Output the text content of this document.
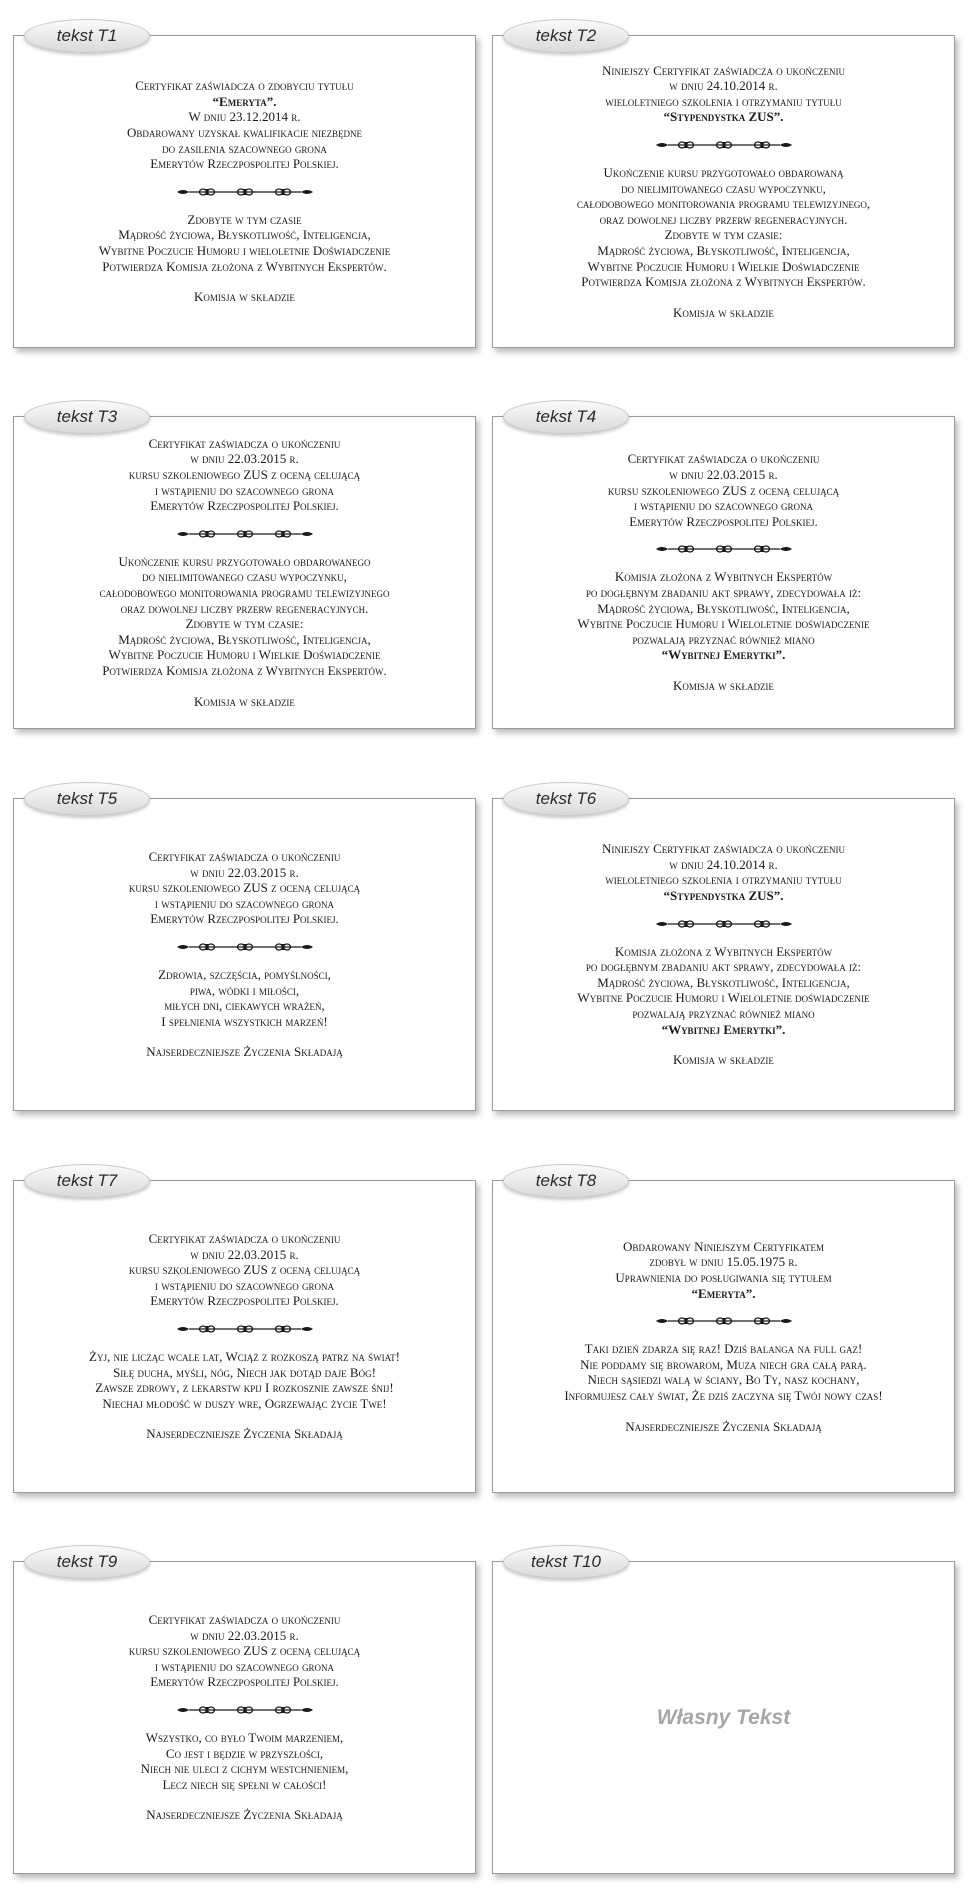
tekst T1
Certyfikat zaświadcza o zdobyciu tytułu
“Emeryta”.
W dniu 23.12.2014 r.
Obdarowany uzyskał kwalifikacje niezbędne
do zasilenia szacownego grona
Emerytów Rzeczpospolitej Polskiej.
Zdobyte w tym czasie
Mądrość życiowa, Błyskotliwość, Inteligencja,
Wybitne Poczucie Humoru i wieloletnie Doświadczenie
Potwierdza Komisja złożona z Wybitnych Ekspertów.
Komisja w składzie
tekst T2
Niniejszy Certyfikat zaświadcza o ukończeniu
w dniu 24.10.2014 r.
wieloletniego szkolenia i otrzymaniu tytułu
“Stypendystka ZUS”.
Ukończenie kursu przygotowało obdarowaną
do nielimitowanego czasu wypoczynku,
całodobowego monitorowania programu telewizyjnego,
oraz dowolnej liczby przerw regeneracyjnych.
Zdobyte w tym czasie:
Mądrość życiowa, Błyskotliwość, Inteligencja,
Wybitne Poczucie Humoru i Wielkie Doświadczenie
Potwierdza Komisja złożona z Wybitnych Ekspertów.
Komisja w składzie
tekst T3
Certyfikat zaświadcza o ukończeniu
w dniu 22.03.2015 r.
kursu szkoleniowego ZUS z oceną celującą
i wstąpieniu do szacownego grona
Emerytów Rzeczpospolitej Polskiej.
Ukończenie kursu przygotowało obdarowanego
do nielimitowanego czasu wypoczynku,
całodobowego monitorowania programu telewizyjnego
oraz dowolnej liczby przerw regeneracyjnych.
Zdobyte w tym czasie:
Mądrość życiowa, Błyskotliwość, Inteligencja,
Wybitne Poczucie Humoru i Wielkie Doświadczenie
Potwierdza Komisja złożona z Wybitnych Ekspertów.
Komisja w składzie
tekst T4
Certyfikat zaświadcza o ukończeniu
w dniu 22.03.2015 r.
kursu szkoleniowego ZUS z oceną celującą
i wstąpieniu do szacownego grona
Emerytów Rzeczpospolitej Polskiej.
Komisja złożona z Wybitnych Ekspertów
po dogłębnym zbadaniu akt sprawy, zdecydowała iż:
Mądrość życiowa, Błyskotliwość, Inteligencja,
Wybitne Poczucie Humoru i Wieloletnie doświadczenie
pozwalają przyznać również miano
“Wybitnej Emerytki”.
Komisja w składzie
tekst T5
Certyfikat zaświadcza o ukończeniu
w dniu 22.03.2015 r.
kursu szkoleniowego ZUS z oceną celującą
i wstąpieniu do szacownego grona
Emerytów Rzeczpospolitej Polskiej.
Zdrowia, szczęścia, pomyślności,
piwa, wódki i miłości,
miłych dni, ciekawych wrażeń,
I spełnienia wszystkich marzeń!
Najserdeczniejsze Życzenia Składają
tekst T6
Niniejszy Certyfikat zaświadcza o ukończeniu
w dniu 24.10.2014 r.
wieloletniego szkolenia i otrzymaniu tytułu
“Stypendystka ZUS”.
Komisja złożona z Wybitnych Ekspertów
po dogłębnym zbadaniu akt sprawy, zdecydowała iż:
Mądrość życiowa, Błyskotliwość, Inteligencja,
Wybitne Poczucie Humoru i Wieloletnie doświadczenie
pozwalają przyznać również miano
“Wybitnej Emerytki”.
Komisja w składzie
tekst T7
Certyfikat zaświadcza o ukończeniu
w dniu 22.03.2015 r.
kursu szkoleniowego ZUS z oceną celującą
i wstąpieniu do szacownego grona
Emerytów Rzeczpospolitej Polskiej.
Żyj, nie licząc wcale lat, Wciąż z rozkoszą patrz na świat!
Siłę ducha, myśli, nóg, Niech jak dotąd daje Bóg!
Zawsze zdrowy, z lekarstw kpij I rozkosznie zawsze śnij!
Niechaj młodość w duszy wre, Ogrzewając życie Twe!
Najserdeczniejsze Życzenia Składają
tekst T8
Obdarowany Niniejszym Certyfikatem
zdobył w dniu 15.05.1975 r.
Uprawnienia do posługiwania się tytułem
“Emeryta”.
Taki dzień zdarza się raz! Dziś balanga na full gaz!
Nie poddamy się browarom, Muza niech gra całą parą.
Niech sąsiedzi walą w ściany, Bo Ty, nasz kochany,
Informujesz cały świat, Że dziś zaczyna się Twój nowy czas!
Najserdeczniejsze Życzenia Składają
tekst T9
Certyfikat zaświadcza o ukończeniu
w dniu 22.03.2015 r.
kursu szkoleniowego ZUS z oceną celującą
i wstąpieniu do szacownego grona
Emerytów Rzeczpospolitej Polskiej.
Wszystko, co było Twoim marzeniem,
Co jest i będzie w przyszłości,
Niech nie uleci z cichym westchnieniem,
Lecz niech się spełni w całości!
Najserdeczniejsze Życzenia Składają
tekst T10
Własny Tekst
